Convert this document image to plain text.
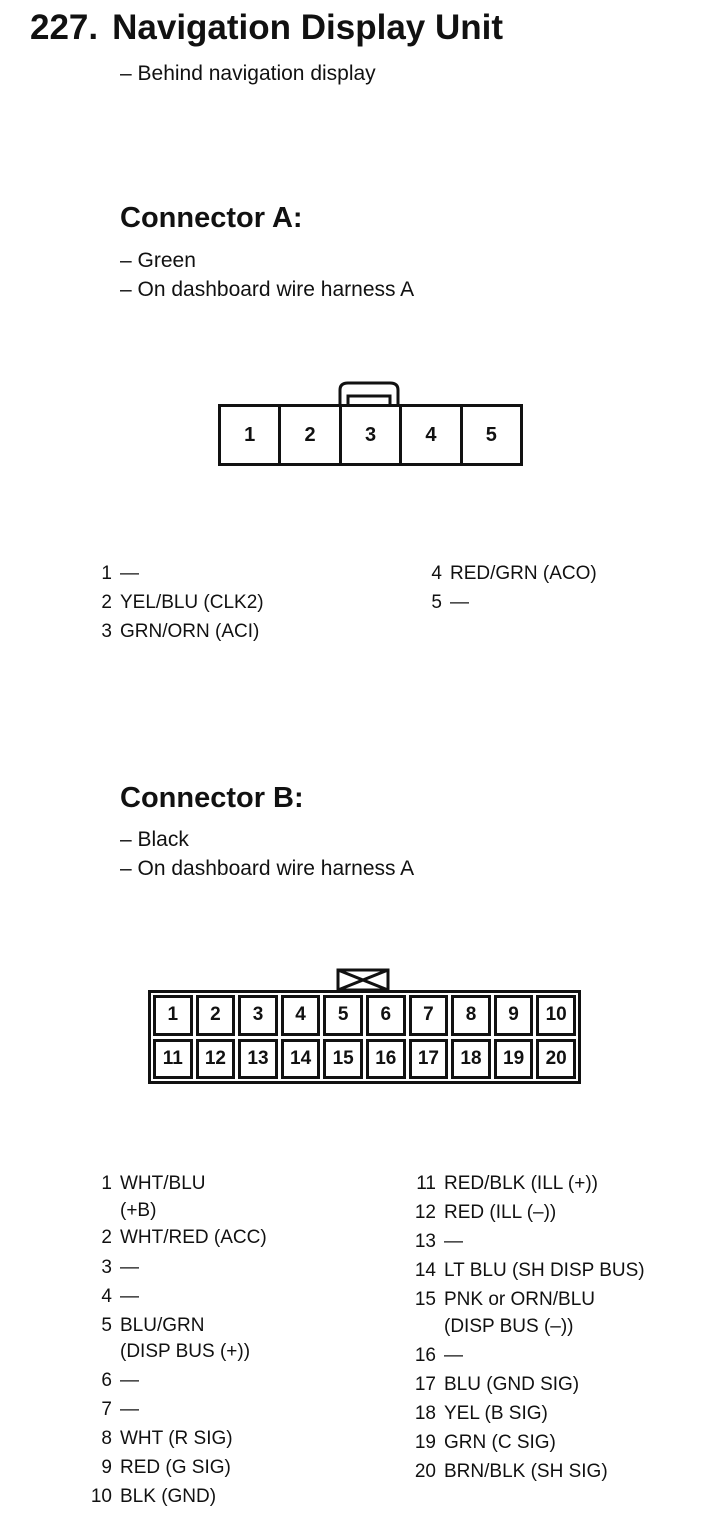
227. Navigation Display Unit
– Behind navigation display
Connector A:
– Green
– On dashboard wire harness A
1	2	3	4	5
1 —
2 YEL/BLU (CLK2)
3 GRN/ORN (ACI)
4 RED/GRN (ACO)
5 —
Connector B:
– Black
– On dashboard wire harness A
1	2	3	4	5	6	7	8	9	10
11	12	13	14	15	16	17	18	19	20
1 WHT/BLU
(+B)
2 WHT/RED (ACC)
3 —
4 —
5 BLU/GRN
(DISP BUS (+))
6 —
7 —
8 WHT (R SIG)
9 RED (G SIG)
10 BLK (GND)
11 RED/BLK (ILL (+))
12 RED (ILL (–))
13 —
14 LT BLU (SH DISP BUS)
15 PNK or ORN/BLU
(DISP BUS (–))
16 —
17 BLU (GND SIG)
18 YEL (B SIG)
19 GRN (C SIG)
20 BRN/BLK (SH SIG)
